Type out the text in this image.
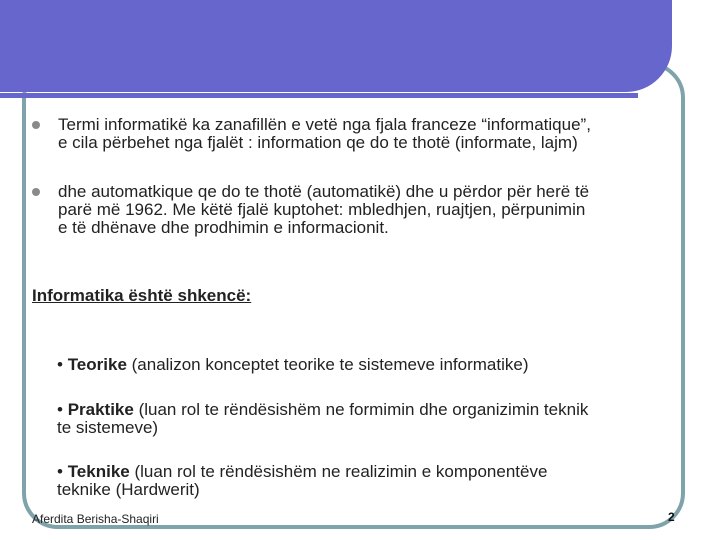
Termi informatikë ka zanafillën e vetë nga fjala franceze “informatique”,
e cila përbehet nga fjalët : information qe do te thotë (informate, lajm)
dhe automatkique qe do te thotë (automatikë) dhe u përdor për herë të
parë më 1962. Me këtë fjalë kuptohet: mbledhjen, ruajtjen, përpunimin
e të dhënave dhe prodhimin e informacionit.
Informatika është shkencë:
• Teorike (analizon konceptet teorike te sistemeve informatike)
• Praktike (luan rol te rëndësishëm ne formimin dhe organizimin teknik
te sistemeve)
• Teknike (luan rol te rëndësishëm ne realizimin e komponentëve
teknike (Hardwerit)
Aferdita Berisha-Shaqiri	2
